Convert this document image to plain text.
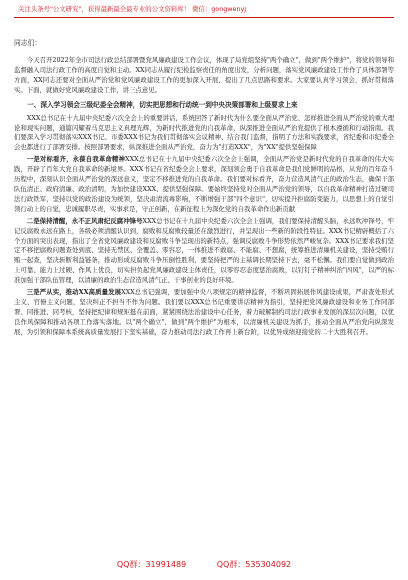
关注头条号"公文研究"，获得最新最全最专业的公文资料库！ 微信：gongwenyj
同志们：

今天召开2022年全市司法行政总结部署暨党风廉政建设工作会议，体现了局党组坚持"两个确立"，做到"两个维护"，将党的领导和监督融入司法行政工作的高度自觉和主动。XX同志从履行纪检监察责任的角度出发，分析问题，落实党风廉政建设工作作了具体部署等方面，XX同志还要对全面从严治党和党风廉政建设工作的更加深入开展，提出了几点思路和要求。大家要认真学习领会，抓好贯彻落实。下面，就做好党风廉政建设工作，讲三点意见。

一、深入学习领会三级纪委全会精神，切实把思想和行动统一到中央决策部署和上级要求上来

XXX总书记在十九届中央纪委六次全会上的重要讲话，系统回答了新时代为什么要全面从严治党、怎样推进全面从严治党的重大理论和现实问题，通篇闪耀着马克思主义真理光辉，为新时代推进党的自我革命、纵深推进全面从严治党提供了根本遵循和行动指南。我们要深入学习贯彻落实XXX书记、市委XXX书记为我们贯彻落实会议精神、结合我门监督，指明了方法和实践要求，省纪委和市纪委全会也都进行了部署安排。按照部署要求，纵深推进全面从严治党，奋力为"打造XXX"，为"XX"提供坚强保障

一是对标看齐，永葆自我革命精神XXX总书记在十九届中央纪委六次全会上强调，全面从严治党是新时代党的自我革命的伟大实践，开辟了百年大党自我革命的新境界。XXX书记在省纪委全会上要求，深刻领会勇于自我革命是我们党鲜明的品格，从党的百年奋斗历程中，深刻认识全面从严治党的深远意义，坚定不移推进党的自我革命。我们要对标看齐，奋力营造风清气正的政治生态，确保干部队伍清正、政府清廉、政治清明，为加快建设XXX、提供坚强保障。要始终坚持党对全面从严治党的领导，以自我革命精神打造过硬司法行政铁军，坚持以党的政治建设为统领，坚决肃清流毒影响，不断增强干部"四个意识"，切实提升拒腐防变能力，以思想上的自觉引领行动上的自觉，忠诚履职尽责，实事求是，守正创新，在新征程上为深化党的自我革命作出新贡献

二是保持清醒，永不正风肃纪反腐冲锋号XXX总书记在十九届中央纪委六次全会上强调，我们要保持清醒头脑，永远吹冲锋号，牢记反腐败永远在路上，各级必须清醒认识到，腐败和反腐败较量还在激烈进行，并呈现出一些新的阶段性特征。XXX书记精辟概括了六个方面的突出表现，指出了全省党风廉政建设和反腐败斗争呈现出的新特点，强调反腐败斗争形势依然严峻复杂。XXX书记要求我们坚定不移把腐败问题查处到底、坚持无禁区、全覆盖、零容忍，一体推进不敢腐、不能腐、不想腐，统筹推进清廉机关建设，坚持受贿行贿一起查，坚决斩断利益链条，推动形成反腐败斗争压倒性胜利，要坚持把严的主基调长期坚持下去，毫不松懈。我们要自觉做到政治上可靠、能力上过硬、作风上优良，切实担负起党风廉政建设主体责任，以零容忍态度惩治腐败，以钉钉子精神纠治"四风"，以严的标准加强干部队伍管理，以清廉的政治生态营造风清气正、干事创业的良好环境。

三是严从实，推动XX高质量发展XXX总书记强调，要加强中央八项规定的精神监督，不断巩固拓展作风建设成果，严肃查处形式主义、官僚主义问题，坚决纠正不担当不作为问题。我们要以XXX总书记重要讲话精神为指引，坚持把党风廉政建设和业务工作同部署、同推进、同考核，坚持把纪律和规矩挺在前面，紧紧围绕法治建设中心任务，着力破解制约司法行政事业发展的深层次问题，以优良作风保障和推动各项工作落实落地。以"两个确立"，做到"两个维护"为根本，以清廉机关建设为抓手，推动全面从严治党向纵深发展，为引领和保障本系统高质量发展打下坚实基础，奋力推动司法行政工作再上新台阶，以优异成绩迎接党的二十大胜利召开。

QQ群：31991489	QQ群：535304092
